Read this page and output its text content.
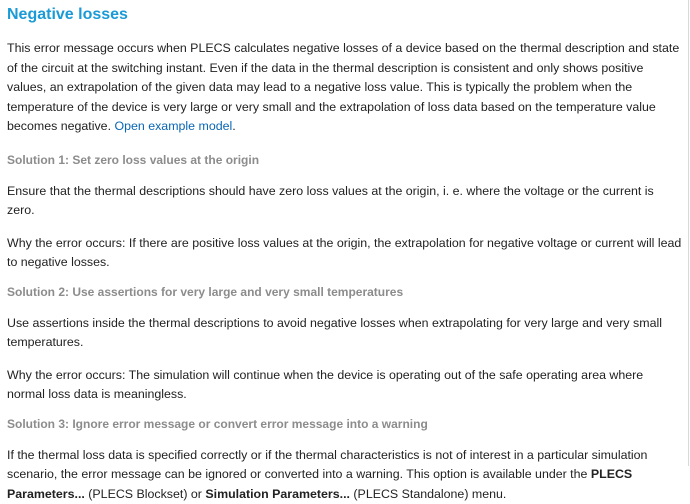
Negative losses

This error message occurs when PLECS calculates negative losses of a device based on the thermal description and state of the circuit at the switching instant. Even if the data in the thermal description is consistent and only shows positive values, an extrapolation of the given data may lead to a negative loss value. This is typically the problem when the temperature of the device is very large or very small and the extrapolation of loss data based on the temperature value becomes negative. Open example model.

Solution 1: Set zero loss values at the origin

Ensure that the thermal descriptions should have zero loss values at the origin, i. e. where the voltage or the current is zero.

Why the error occurs: If there are positive loss values at the origin, the extrapolation for negative voltage or current will lead to negative losses.

Solution 2: Use assertions for very large and very small temperatures

Use assertions inside the thermal descriptions to avoid negative losses when extrapolating for very large and very small temperatures.

Why the error occurs: The simulation will continue when the device is operating out of the safe operating area where normal loss data is meaningless.

Solution 3: Ignore error message or convert error message into a warning

If the thermal loss data is specified correctly or if the thermal characteristics is not of interest in a particular simulation scenario, the error message can be ignored or converted into a warning. This option is available under the PLECS Parameters... (PLECS Blockset) or Simulation Parameters... (PLECS Standalone) menu.
